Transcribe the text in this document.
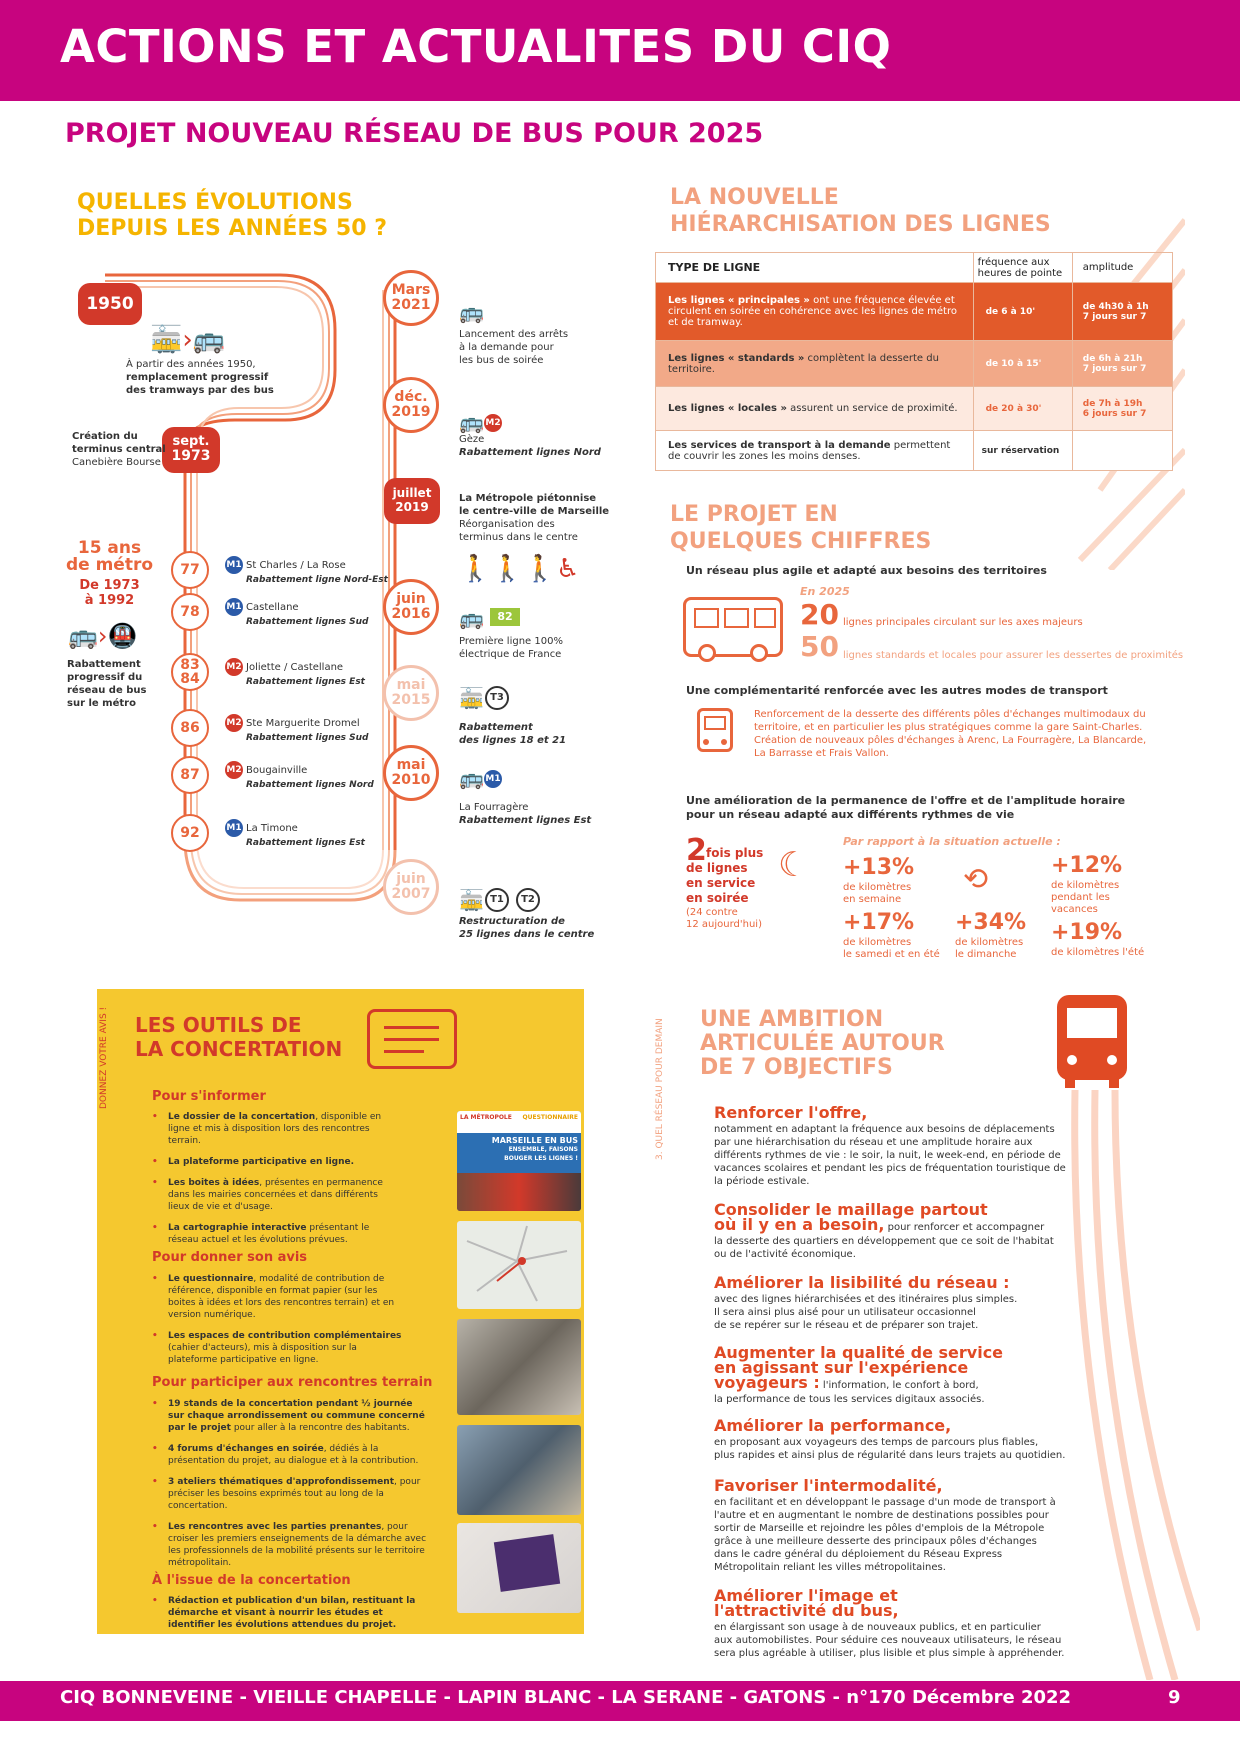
ACTIONS ET ACTUALITES DU CIQ
PROJET NOUVEAU RÉSEAU DE BUS POUR 2025
QUELLES ÉVOLUTIONS
DEPUIS LES ANNÉES 50 ?
1950
🚋›🚌
À partir des années 1950,
remplacement progressif
des tramways par des bus
sept.
1973
Création du
terminus central
Canebière Bourse
15 ans
de métro
De 1973
à 1992
🚌›🚇
Rabattement
progressif du
réseau de bus
sur le métro
77	M1 St Charles / La Rose
Rabattement ligne Nord-Est
78	M1 Castellane
Rabattement lignes Sud
83
84
M2 Joliette / Castellane
Rabattement lignes Est
86	M2 Ste Marguerite Dromel
Rabattement lignes Sud
87	M2 Bougainville
Rabattement lignes Nord
92	M1 La Timone
Rabattement lignes Est
Mars
2021
Lancement des arrêts
à la demande pour
les bus de soirée
déc.
2019
Gèze
Rabattement lignes Nord
juillet
2019
La Métropole piétonnise
le centre-ville de Marseille
Réorganisation des
terminus dans le centre
juin
2016
Première ligne 100%
électrique de France
mai
2015
Rabattement
des lignes 18 et 21
mai
2010
La Fourragère
Rabattement lignes Est
juin
2007
Restructuration de
25 lignes dans le centre
🚌
🚌 M2
🚶🚶🚶♿
🚌	82
🚋 T3
🚌 M1
🚋 T1	T2
LA NOUVELLE
HIÉRARCHISATION DES LIGNES
TYPE DE LIGNE	fréquence aux heures de pointe	amplitude
Les lignes « principales » ont une fréquence élevée et circulent en soirée en cohérence avec les lignes de métro et de tramway.	de 6 à 10'	de 4h30 à 1h
7 jours sur 7

Les lignes « standards » complètent la desserte du territoire.	de 10 à 15'	de 6h à 21h
7 jours sur 7

Les lignes « locales » assurent un service de proximité.	de 20 à 30'	de 7h à 19h
6 jours sur 7

Les services de transport à la demande permettent de couvrir les zones les moins denses.	sur réservation	
LE PROJET EN
QUELQUES CHIFFRES
Un réseau plus agile et adapté aux besoins des territoires
En 2025
20 lignes principales circulant sur les axes majeurs
50 lignes standards et locales pour assurer les dessertes de proximités
Une complémentarité renforcée avec les autres modes de transport
Renforcement de la desserte des différents pôles d'échanges multimodaux du
territoire, et en particulier les plus stratégiques comme la gare Saint-Charles.
Création de nouveaux pôles d'échanges à Arenc, La Fourragère, La Blancarde,
La Barrasse et Frais Vallon.
Une amélioration de la permanence de l'offre et de l'amplitude horaire
pour un réseau adapté aux différents rythmes de vie
Par rapport à la situation actuelle :
2 fois plus
de lignes
en service
en soirée
(24 contre
12 aujourd'hui)
☾ +13%
de kilomètres
en semaine
⟲	+12%
de kilomètres
pendant les
vacances
+17%
de kilomètres
le samedi et en été
+34%
de kilomètres
le dimanche
+19%
de kilomètres l'été
DONNEZ VOTRE AVIS ! LES OUTILS DE
LA CONCERTATION
Pour s'informer
• Le dossier de la concertation, disponible en ligne et mis à disposition lors des rencontres terrain.
• La plateforme participative en ligne.
• Les boites à idées, présentes en permanence dans les mairies concernées et dans différents lieux de vie et d'usage.
• La cartographie interactive présentant le réseau actuel et les évolutions prévues.
Pour donner son avis
• Le questionnaire, modalité de contribution de référence, disponible en format papier (sur les boites à idées et lors des rencontres terrain) et en version numérique.
• Les espaces de contribution complémentaires (cahier d'acteurs), mis à disposition sur la plateforme participative en ligne.
Pour participer aux rencontres terrain
• 19 stands de la concertation pendant ½ journée sur chaque arrondissement ou commune concerné par le projet pour aller à la rencontre des habitants.
• 4 forums d'échanges en soirée, dédiés à la présentation du projet, au dialogue et à la contribution.
• 3 ateliers thématiques d'approfondissement, pour préciser les besoins exprimés tout au long de la concertation.
• Les rencontres avec les parties prenantes, pour croiser les premiers enseignements de la démarche avec les professionnels de la mobilité présents sur le territoire métropolitain.
À l'issue de la concertation
• Rédaction et publication d'un bilan, restituant la démarche et visant à nourrir les études et identifier les évolutions attendues du projet.
LA MÉTROPOLE QUESTIONNAIRE
MARSEILLE EN BUS
ENSEMBLE, FAISONS
BOUGER LES LIGNES !	3. QUEL RÉSEAU POUR DEMAIN UNE AMBITION
ARTICULÉE AUTOUR
DE 7 OBJECTIFS
Renforcer l'offre,
notamment en adaptant la fréquence aux besoins de déplacements
par une hiérarchisation du réseau et une amplitude horaire aux
différents rythmes de vie : le soir, la nuit, le week-end, en période de
vacances scolaires et pendant les pics de fréquentation touristique de
la période estivale.
Consolider le maillage partout
où il y en a besoin, pour renforcer et accompagner
la desserte des quartiers en développement que ce soit de l'habitat
ou de l'activité économique.
Améliorer la lisibilité du réseau :
avec des lignes hiérarchisées et des itinéraires plus simples.
Il sera ainsi plus aisé pour un utilisateur occasionnel
de se repérer sur le réseau et de préparer son trajet.
Augmenter la qualité de service
en agissant sur l'expérience
voyageurs : l'information, le confort à bord,
la performance de tous les services digitaux associés.
Améliorer la performance,
en proposant aux voyageurs des temps de parcours plus fiables,
plus rapides et ainsi plus de régularité dans leurs trajets au quotidien.
Favoriser l'intermodalité,
en facilitant et en développant le passage d'un mode de transport à
l'autre et en augmentant le nombre de destinations possibles pour
sortir de Marseille et rejoindre les pôles d'emplois de la Métropole
grâce à une meilleure desserte des principaux pôles d'échanges
dans le cadre général du déploiement du Réseau Express
Métropolitain reliant les villes métropolitaines.
Améliorer l'image et
l'attractivité du bus,
en élargissant son usage à de nouveaux publics, et en particulier
aux automobilistes. Pour séduire ces nouveaux utilisateurs, le réseau
sera plus agréable à utiliser, plus lisible et plus simple à appréhender.
CIQ BONNEVEINE - VIEILLE CHAPELLE - LAPIN BLANC - LA SERANE - GATONS - n°170 Décembre 2022	9
